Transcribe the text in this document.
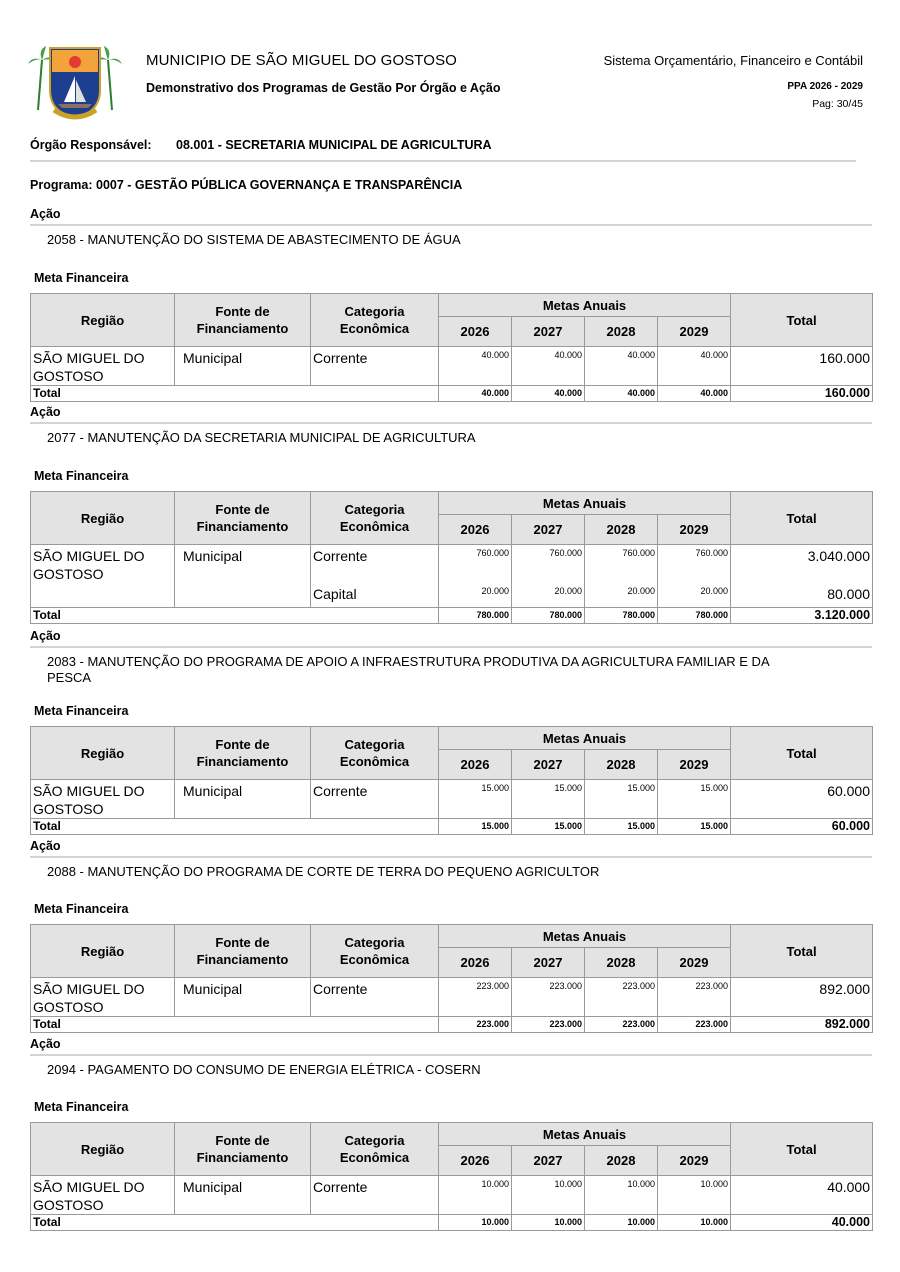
MUNICIPIO DE SÃO MIGUEL DO GOSTOSO
Demonstrativo dos Programas de Gestão Por Órgão e Ação
Sistema Orçamentário, Financeiro e Contábil
PPA 2026 - 2029
Pag: 30/45
Órgão Responsável: 08.001 - SECRETARIA MUNICIPAL DE AGRICULTURA
Programa: 0007 - GESTÃO PÚBLICA GOVERNANÇA E TRANSPARÊNCIA
Ação
2058 - MANUTENÇÃO DO SISTEMA DE ABASTECIMENTO DE ÁGUA
Meta Financeira
Região	Fonte de Financiamento	Categoria Econômica	Metas Anuais				Total
			2026	2027	2028	2029	
SÃO MIGUEL DO GOSTOSO	Municipal	Corrente	40.000	40.000	40.000	40.000	160.000
Total			40.000	40.000	40.000	40.000	160.000
Ação
2077 - MANUTENÇÃO DA SECRETARIA MUNICIPAL DE AGRICULTURA
Meta Financeira
Região	Fonte de Financiamento	Categoria Econômica	Metas Anuais				Total
			2026	2027	2028	2029	
SÃO MIGUEL DO GOSTOSO	Municipal	Corrente	760.000	760.000	760.000	760.000	3.040.000
		Capital	20.000	20.000	20.000	20.000	80.000
Total			780.000	780.000	780.000	780.000	3.120.000
Ação
2083 - MANUTENÇÃO DO PROGRAMA DE APOIO A INFRAESTRUTURA PRODUTIVA DA AGRICULTURA FAMILIAR E DA PESCA
Meta Financeira
Região	Fonte de Financiamento	Categoria Econômica	Metas Anuais				Total
			2026	2027	2028	2029	
SÃO MIGUEL DO GOSTOSO	Municipal	Corrente	15.000	15.000	15.000	15.000	60.000
Total			15.000	15.000	15.000	15.000	60.000
Ação
2088 - MANUTENÇÃO DO PROGRAMA DE CORTE DE TERRA DO PEQUENO AGRICULTOR
Meta Financeira
Região	Fonte de Financiamento	Categoria Econômica	Metas Anuais				Total
			2026	2027	2028	2029	
SÃO MIGUEL DO GOSTOSO	Municipal	Corrente	223.000	223.000	223.000	223.000	892.000
Total			223.000	223.000	223.000	223.000	892.000
Ação
2094 - PAGAMENTO DO CONSUMO DE ENERGIA ELÉTRICA - COSERN
Meta Financeira
Região	Fonte de Financiamento	Categoria Econômica	Metas Anuais				Total
			2026	2027	2028	2029	
SÃO MIGUEL DO GOSTOSO	Municipal	Corrente	10.000	10.000	10.000	10.000	40.000
Total			10.000	10.000	10.000	10.000	40.000
